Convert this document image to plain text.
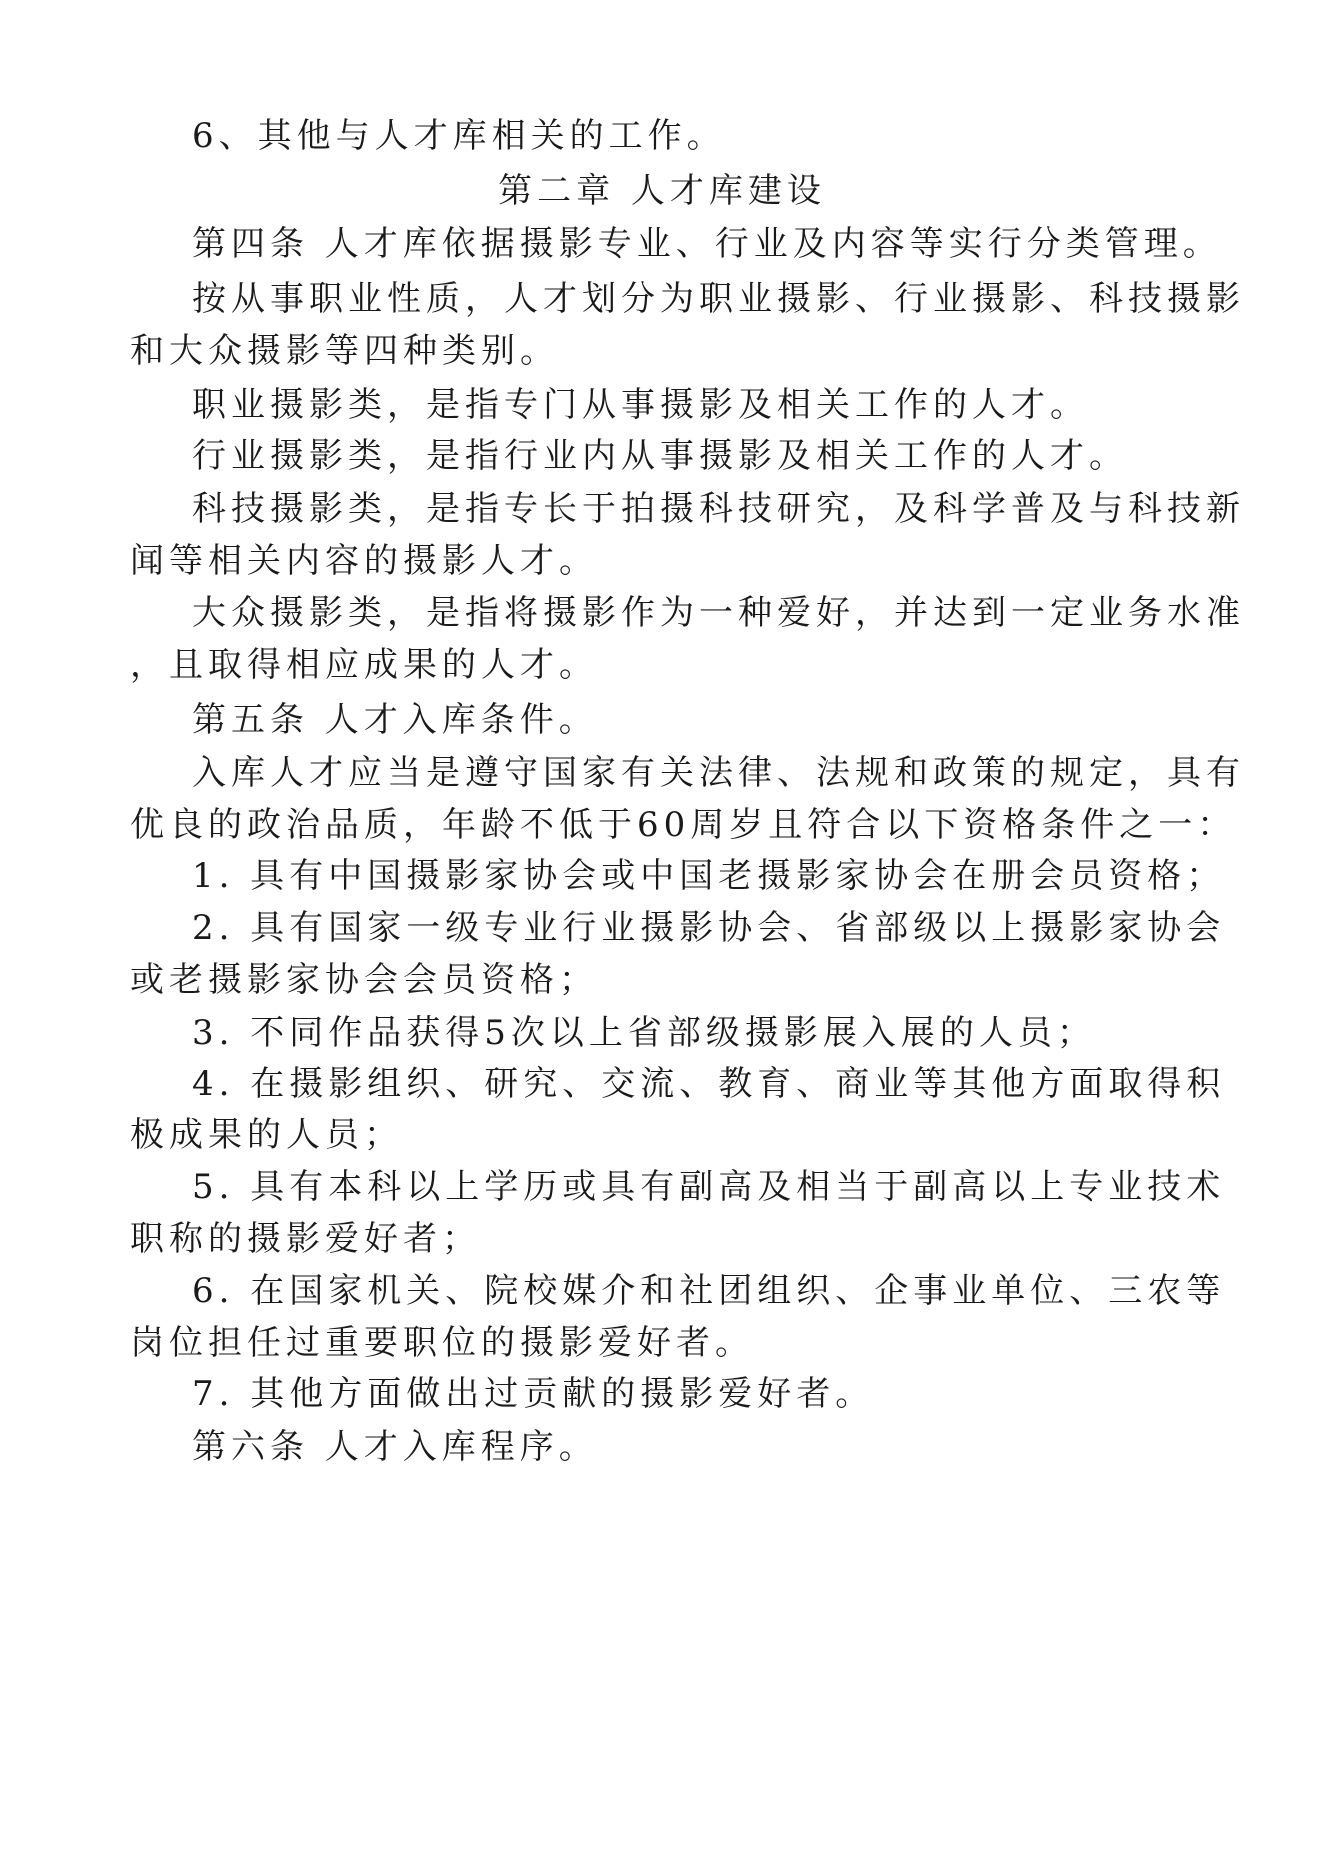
6、其他与人才库相关的工作。
第二章 人才库建设
第四条 人才库依据摄影专业、行业及内容等实行分类管理。
按从事职业性质，人才划分为职业摄影、行业摄影、科技摄影
和大众摄影等四种类别。
职业摄影类，是指专门从事摄影及相关工作的人才。
行业摄影类，是指行业内从事摄影及相关工作的人才。
科技摄影类，是指专长于拍摄科技研究，及科学普及与科技新
闻等相关内容的摄影人才。
大众摄影类，是指将摄影作为一种爱好，并达到一定业务水准
，且取得相应成果的人才。
第五条 人才入库条件。
入库人才应当是遵守国家有关法律、法规和政策的规定，具有
优良的政治品质，年龄不低于60周岁且符合以下资格条件之一：
1. 具有中国摄影家协会或中国老摄影家协会在册会员资格；
2. 具有国家一级专业行业摄影协会、省部级以上摄影家协会
或老摄影家协会会员资格；
3. 不同作品获得5次以上省部级摄影展入展的人员；
4. 在摄影组织、研究、交流、教育、商业等其他方面取得积
极成果的人员；
5. 具有本科以上学历或具有副高及相当于副高以上专业技术
职称的摄影爱好者；
6. 在国家机关、院校媒介和社团组织、企事业单位、三农等
岗位担任过重要职位的摄影爱好者。
7. 其他方面做出过贡献的摄影爱好者。
第六条 人才入库程序。
